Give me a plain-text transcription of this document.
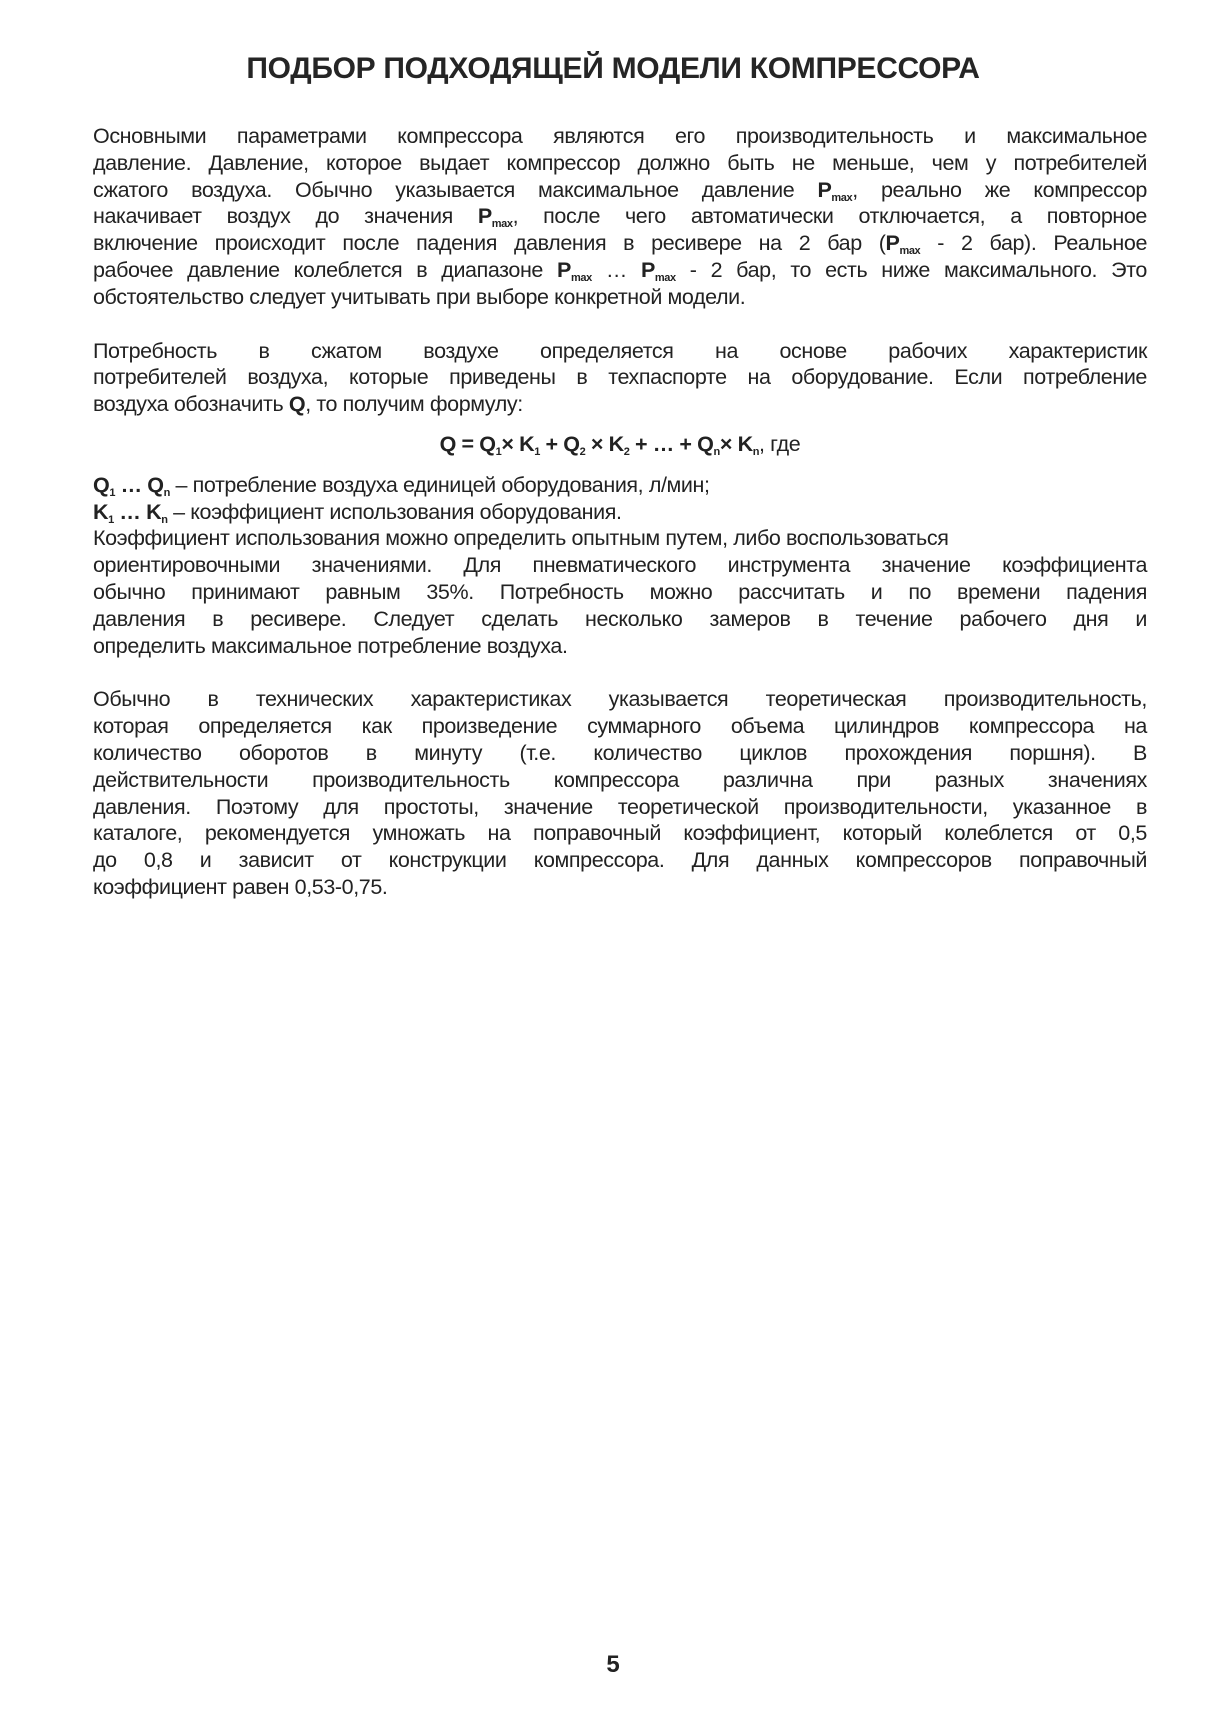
ПОДБОР ПОДХОДЯЩЕЙ МОДЕЛИ КОМПРЕССОРА

Основными параметрами компрессора являются его производительность и максимальное

давление. Давление, которое выдает компрессор должно быть не меньше, чем у потребителей

сжатого воздуха. Обычно указывается максимальное давление $P_{max}$, реально же компрессор

накачивает воздух до значения $P_{max}$, после чего автоматически отключается, а повторное

включение происходит после падения давления в ресивере на 2 бар ($P_{max} - 2$ бар). Реальное

рабочее давление колеблется в диапазоне $P_{max}$ … $P_{max} - 2$ бар, то есть ниже максимального. Это

обстоятельство следует учитывать при выборе конкретной модели.

Потребность в сжатом воздухе определяется на основе рабочих характеристик

потребителей воздуха, которые приведены в техпаспорте на оборудование. Если потребление

воздуха обозначить Q, то получим формулу:

$Q = Q_1\times K_1 + Q_2 \times K_2$ + … + $Q_n\times K_n$, где

$Q_1$ … $Q_n$ – потребление воздуха единицей оборудования, л/мин;

$K_1$ … $K_n$ – коэффициент использования оборудования.

Коэффициент использования можно определить опытным путем, либо воспользоваться

ориентировочными значениями. Для пневматического инструмента значение коэффициента

обычно принимают равным 35%. Потребность можно рассчитать и по времени падения

давления в ресивере. Следует сделать несколько замеров в течение рабочего дня и

определить максимальное потребление воздуха.

Обычно в технических характеристиках указывается теоретическая производительность,

которая определяется как произведение суммарного объема цилиндров компрессора на

количество оборотов в минуту (т.е. количество циклов прохождения поршня). В

действительности производительность компрессора различна при разных значениях

давления. Поэтому для простоты, значение теоретической производительности, указанное в

каталоге, рекомендуется умножать на поправочный коэффициент, который колеблется от 0,5

до 0,8 и зависит от конструкции компрессора. Для данных компрессоров поправочный

коэффициент равен 0,53-0,75.

5
